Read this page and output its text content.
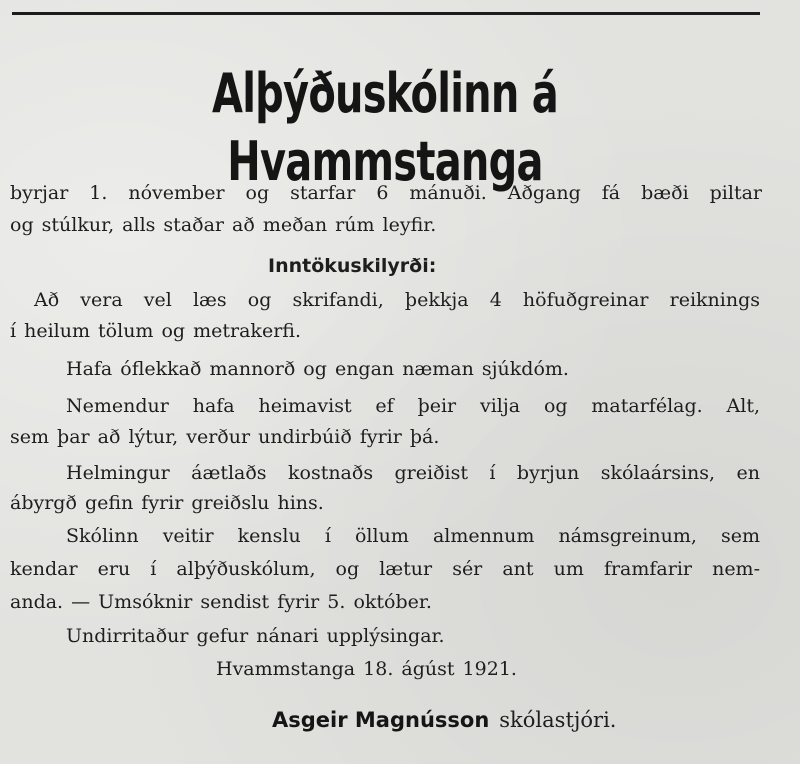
Alþýðuskólinn á Hvammstanga
byrjar 1. nóvember og starfar 6 mánuði. Aðgang fá bæði piltar
og stúlkur, alls staðar að meðan rúm leyfir.
Inntökuskilyrði:
Að vera vel læs og skrifandi, þekkja 4 höfuðgreinar reiknings
í heilum tölum og metrakerfi.
Hafa óflekkað mannorð og engan næman sjúkdóm.
Nemendur hafa heimavist ef þeir vilja og matarfélag. Alt,
sem þar að lýtur, verður undirbúið fyrir þá.
Helmingur áætlaðs kostnaðs greiðist í byrjun skólaársins, en
ábyrgð gefin fyrir greiðslu hins.
Skólinn veitir kenslu í öllum almennum námsgreinum, sem
kendar eru í alþýðuskólum, og lætur sér ant um framfarir nem-
anda. — Umsóknir sendist fyrir 5. október.
Undirritaður gefur nánari upplýsingar.
Hvammstanga 18. ágúst 1921.
Asgeir Magnússon skólastjóri.
